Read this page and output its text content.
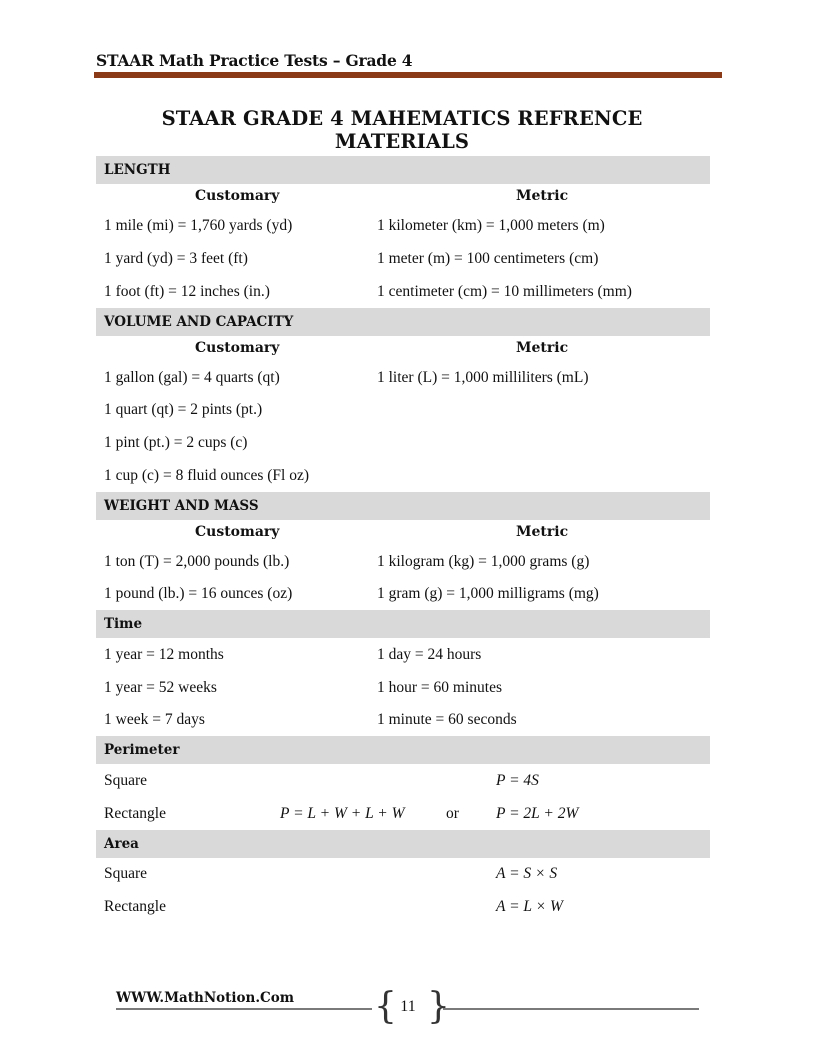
STAAR Math Practice Tests – Grade 4
STAAR GRADE 4 MAHEMATICS REFRENCE MATERIALS
LENGTH
Customary	Metric
1 mile (mi) = 1,760 yards (yd)	1 kilometer (km) = 1,000 meters (m)
1 yard (yd) = 3 feet (ft)	1 meter (m) = 100 centimeters (cm)
1 foot (ft) = 12 inches (in.)	1 centimeter (cm) = 10 millimeters (mm)
VOLUME AND CAPACITY
Customary	Metric
1 gallon (gal) = 4 quarts (qt)	1 liter (L) = 1,000 milliliters (mL)
1 quart (qt) = 2 pints (pt.)
1 pint (pt.) = 2 cups (c)
1 cup (c) = 8 fluid ounces (Fl oz)
WEIGHT AND MASS
Customary	Metric
1 ton (T) = 2,000 pounds (lb.)	1 kilogram (kg) = 1,000 grams (g)
1 pound (lb.) = 16 ounces (oz)	1 gram (g) = 1,000 milligrams (mg)
Time
1 year = 12 months	1 day = 24 hours
1 year = 52 weeks	1 hour = 60 minutes
1 week = 7 days	1 minute = 60 seconds
Perimeter
Square	P = 4S
Rectangle	P = L + W + L + W	or P = 2L + 2W
Area
Square	A = S × S
Rectangle	A = L × W
WWW.MathNotion.Com { }
11
